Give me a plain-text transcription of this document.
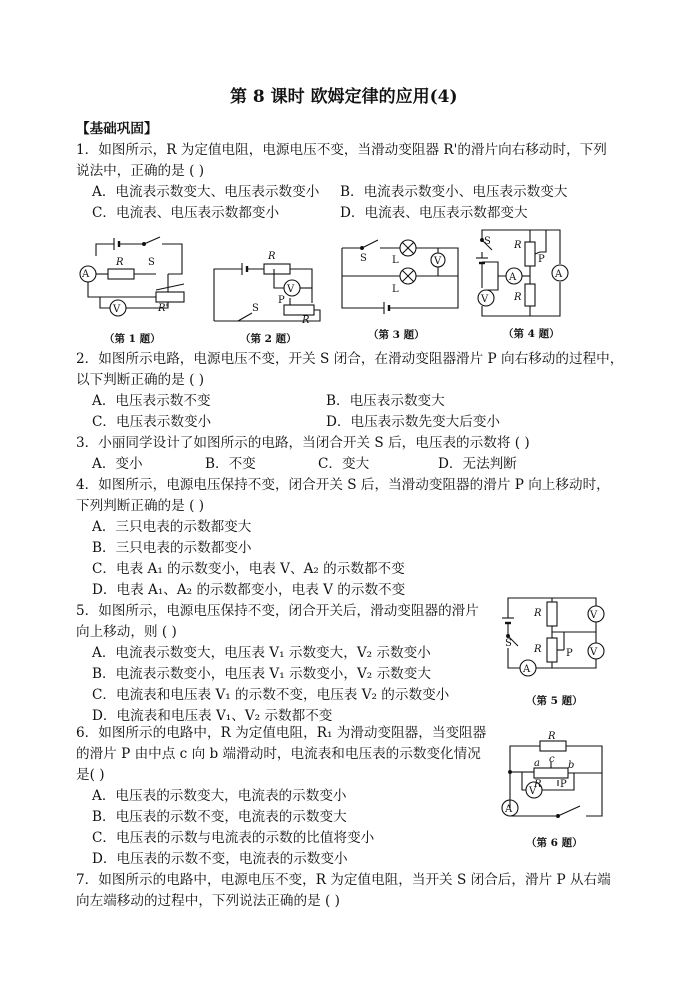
第 8 课时 欧姆定律的应用(4)
【基础巩固】
1．如图所示，R 为定值电阻，电源电压不变，当滑动变阻器 R'的滑片向右移动时，下列
说法中，正确的是 ( )
A．电流表示数变大、电压表示数变小 B．电流表示数变小、电压表示数变大
C．电流表、电压表示数都变小	D．电流表、电压表示数都变大
A
V
S
R
R'
（第 1 题）
R
V
S
P
R
（第 2 题）
S	L
L
V
（第 3 题）
S R
P
A	A
V	R
（第 4 题）
2．如图所示电路，电源电压不变，开关 S 闭合，在滑动变阻器滑片 P 向右移动的过程中，
以下判断正确的是 ( )
A．电压表示数不变	B．电压表示数变大
C．电压表示数变小	D．电压表示数先变大后变小
3．小丽同学设计了如图所示的电路，当闭合开关 S 后，电压表的示数将 ( )
A．变小	B．不变	C．变大	D．无法判断
4．如图所示，电源电压保持不变，闭合开关 S 后，当滑动变阻器的滑片 P 向上移动时，
下列判断正确的是 ( )
A．三只电表的示数都变大
B．三只电表的示数都变小
C．电表 A₁ 的示数变小，电表 V、A₂ 的示数都不变
D．电表 A₁、A₂ 的示数都变小，电表 V 的示数不变
5．如图所示，电源电压保持不变，闭合开关后，滑动变阻器的滑片
向上移动，则 ( )
A．电流表示数变大，电压表 V₁ 示数变大，V₂ 示数变小
B．电流表示数变小，电压表 V₁ 示数变小，V₂ 示数变大
C．电流表和电压表 V₁ 的示数不变，电压表 V₂ 的示数变小
D．电流表和电压表 V₁、V₂ 示数都不变
R
R P
S
A
V
V
（第 5 题）
6．如图所示的电路中，R 为定值电阻，R₁ 为滑动变阻器，当变阻器
的滑片 P 由中点 c 向 b 端滑动时，电流表和电压表的示数变化情况
是( )
A．电压表的示数变大，电流表的示数变小
B．电压表的示数不变，电流表的示数变大
C．电压表的示数与电流表的示数的比值将变小
D．电压表的示数不变，电流表的示数变小
R
a c
b
R P
V
A
（第 6 题）
7．如图所示的电路中，电源电压不变，R 为定值电阻，当开关 S 闭合后，滑片 P 从右端
向左端移动的过程中，下列说法正确的是 ( )
